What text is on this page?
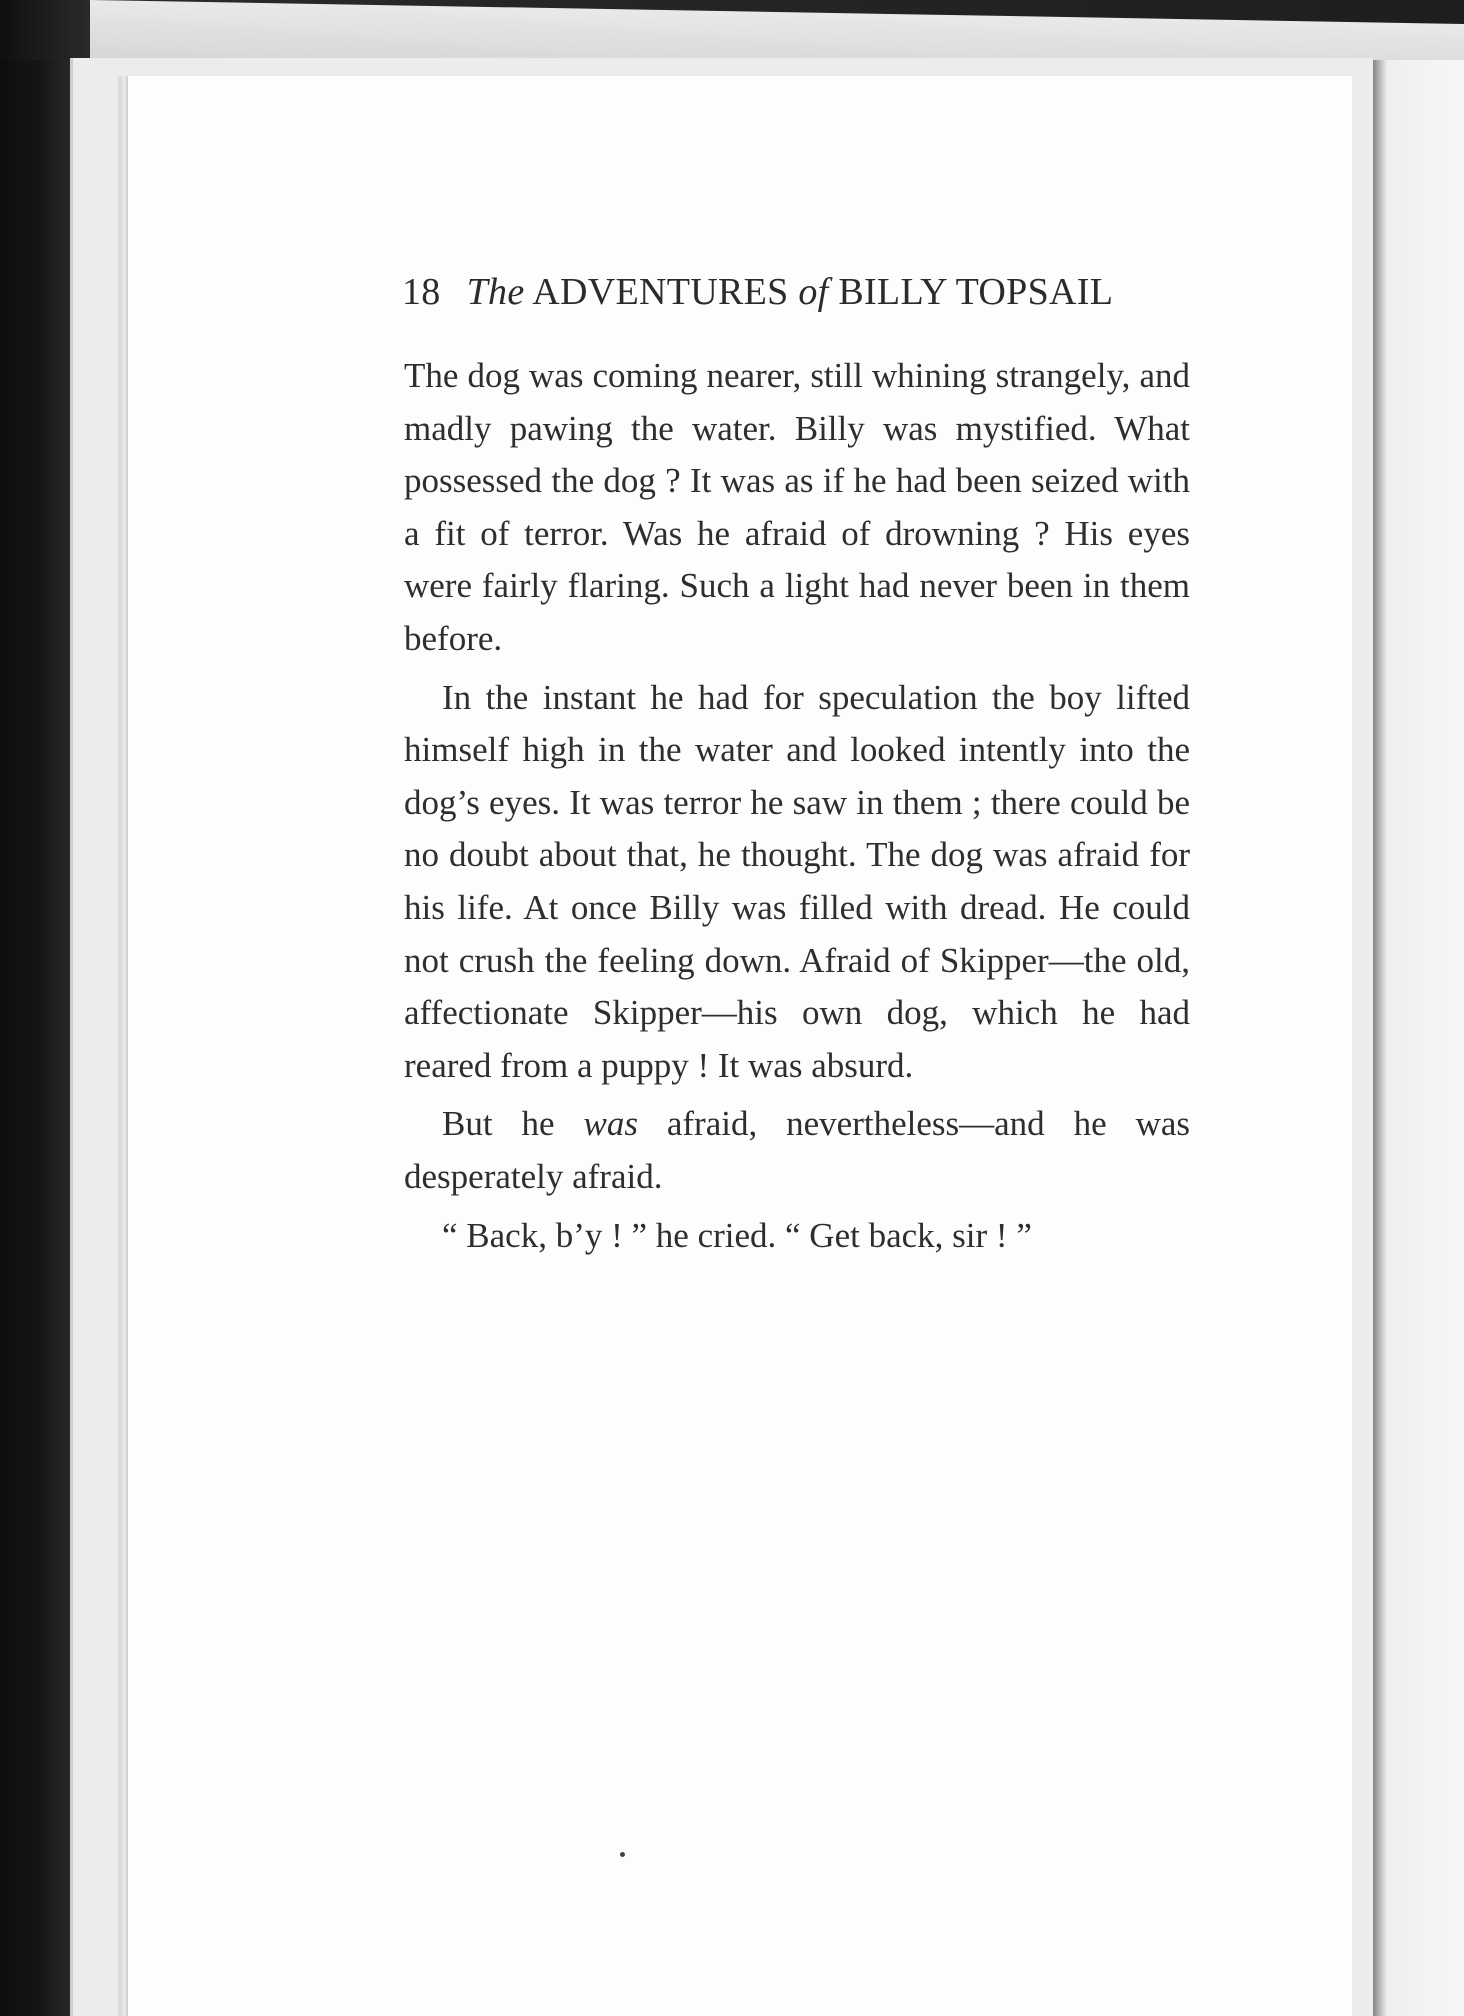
18 The ADVENTURES of BILLY TOPSAIL

The dog was coming nearer, still whining strangely, and madly pawing the water. Billy was mystified. What possessed the dog ? It was as if he had been seized with a fit of terror. Was he afraid of drowning ? His eyes were fairly flaring. Such a light had never been in them before.

In the instant he had for speculation the boy lifted himself high in the water and looked intently into the dog’s eyes. It was terror he saw in them ; there could be no doubt about that, he thought. The dog was afraid for his life. At once Billy was filled with dread. He could not crush the feeling down. Afraid of Skipper—the old, affectionate Skipper—his own dog, which he had reared from a puppy ! It was absurd.

But he was afraid, nevertheless—and he was desperately afraid.

“ Back, b’y ! ” he cried. “ Get back, sir ! ”
